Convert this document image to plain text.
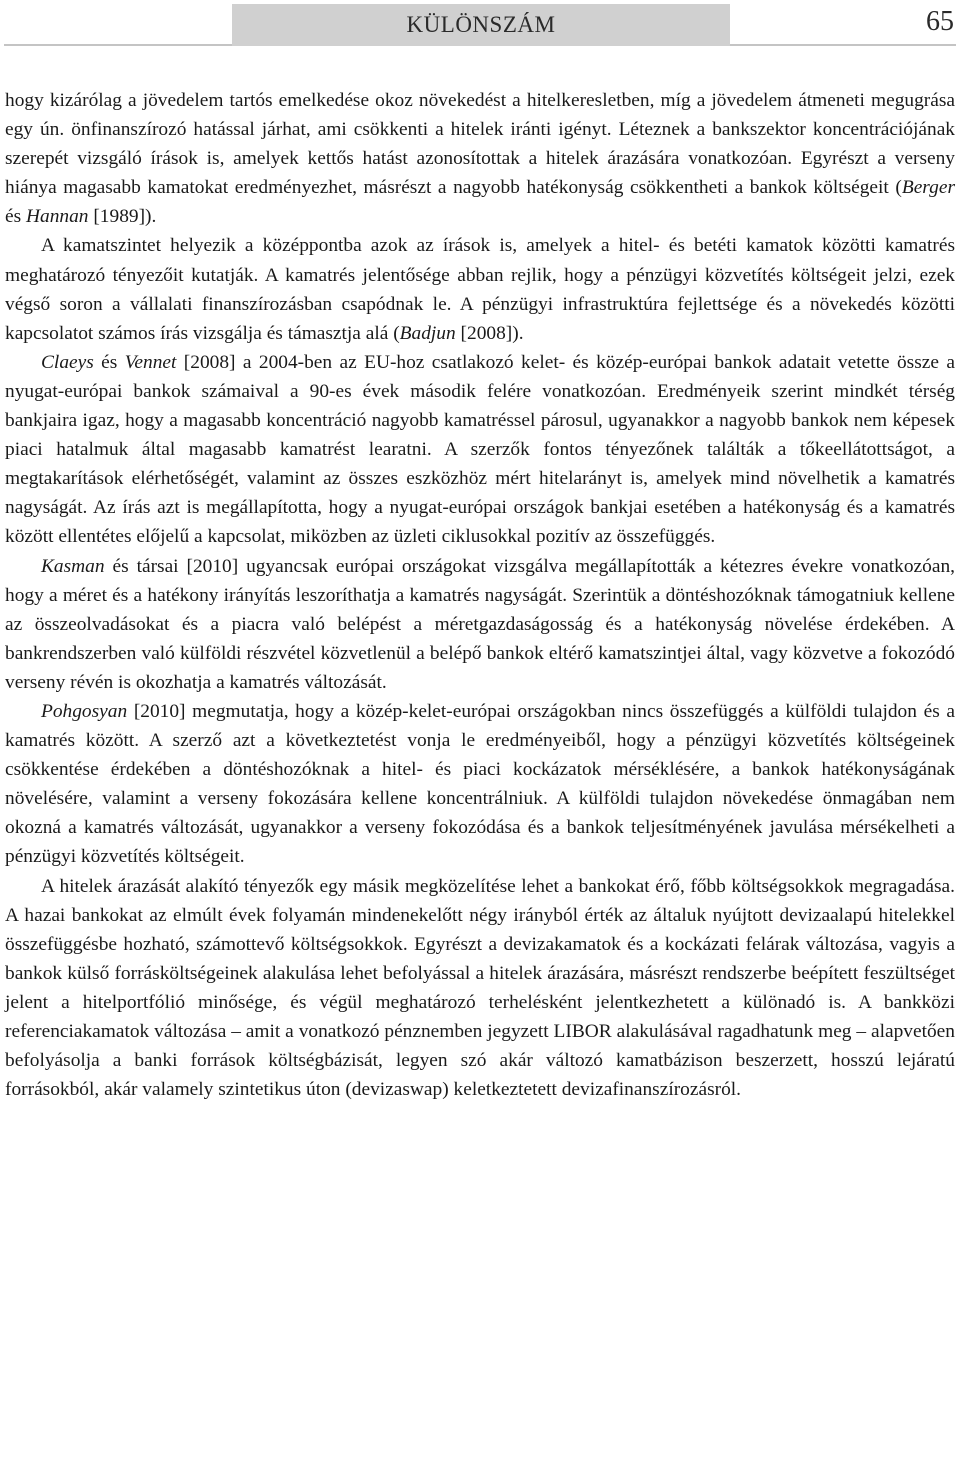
KÜLÖNSZÁM	65

hogy kizárólag a jövedelem tartós emelkedése okoz növekedést a hitelkeresletben, míg a jövedelem átmeneti megugrása egy ún. önfinanszírozó hatással járhat, ami csökkenti a hitelek iránti igényt. Léteznek a bankszektor koncentrációjának szerepét vizsgáló írások is, amelyek kettős hatást azonosítottak a hitelek árazására vonatkozóan. Egyrészt a verseny hiánya magasabb kamatokat eredményezhet, másrészt a nagyobb hatékonyság csökkentheti a bankok költségeit (Berger és Hannan [1989]).

A kamatszintet helyezik a középpontba azok az írások is, amelyek a hitel- és betéti kamatok közötti kamatrés meghatározó tényezőit kutatják. A kamatrés jelentősége abban rejlik, hogy a pénzügyi közvetítés költségeit jelzi, ezek végső soron a vállalati finanszírozásban csapódnak le. A pénzügyi infrastruktúra fejlettsége és a növekedés közötti kapcsolatot számos írás vizsgálja és támasztja alá (Badjun [2008]).

Claeys és Vennet [2008] a 2004-ben az EU-hoz csatlakozó kelet- és közép-európai bankok adatait vetette össze a nyugat-európai bankok számaival a 90-es évek második felére vonatkozóan. Eredményeik szerint mindkét térség bankjaira igaz, hogy a magasabb koncentráció nagyobb kamatréssel párosul, ugyanakkor a nagyobb bankok nem képesek piaci hatalmuk által magasabb kamatrést learatni. A szerzők fontos tényezőnek találták a tőkeellátottságot, a megtakarítások elérhetőségét, valamint az összes eszközhöz mért hitelarányt is, amelyek mind növelhetik a kamatrés nagyságát. Az írás azt is megállapította, hogy a nyugat-európai országok bankjai esetében a hatékonyság és a kamatrés között ellentétes előjelű a kapcsolat, miközben az üzleti ciklusokkal pozitív az összefüggés.

Kasman és társai [2010] ugyancsak európai országokat vizsgálva megállapították a kétezres évekre vonatkozóan, hogy a méret és a hatékony irányítás leszoríthatja a kamatrés nagyságát. Szerintük a döntéshozóknak támogatniuk kellene az összeolvadásokat és a piacra való belépést a méretgazdaságosság és a hatékonyság növelése érdekében. A bankrendszerben való külföldi részvétel közvetlenül a belépő bankok eltérő kamatszintjei által, vagy közvetve a fokozódó verseny révén is okozhatja a kamatrés változását.

Pohgosyan [2010] megmutatja, hogy a közép-kelet-európai országokban nincs összefüggés a külföldi tulajdon és a kamatrés között. A szerző azt a következtetést vonja le eredményeiből, hogy a pénzügyi közvetítés költségeinek csökkentése érdekében a döntéshozóknak a hitel- és piaci kockázatok mérséklésére, a bankok hatékonyságának növelésére, valamint a verseny fokozására kellene koncentrálniuk. A külföldi tulajdon növekedése önmagában nem okozná a kamatrés változását, ugyanakkor a verseny fokozódása és a bankok teljesítményének javulása mérsékelheti a pénzügyi közvetítés költségeit.

A hitelek árazását alakító tényezők egy másik megközelítése lehet a bankokat érő, főbb költségsokkok megragadása. A hazai bankokat az elmúlt évek folyamán mindenekelőtt négy irányból érték az általuk nyújtott devizaalapú hitelekkel összefüggésbe hozható, számottevő költségsokkok. Egyrészt a devizakamatok és a kockázati felárak változása, vagyis a bankok külső forrásköltségeinek alakulása lehet befolyással a hitelek árazására, másrészt rendszerbe beépített feszültséget jelent a hitelportfólió minősége, és végül meghatározó terhelésként jelentkezhetett a különadó is. A bankközi referenciakamatok változása – amit a vonatkozó pénznemben jegyzett LIBOR alakulásával ragadhatunk meg – alapvetően befolyásolja a banki források költségbázisát, legyen szó akár változó kamatbázison beszerzett, hosszú lejáratú forrásokból, akár valamely szintetikus úton (devizaswap) keletkeztetett devizafinanszírozásról.
